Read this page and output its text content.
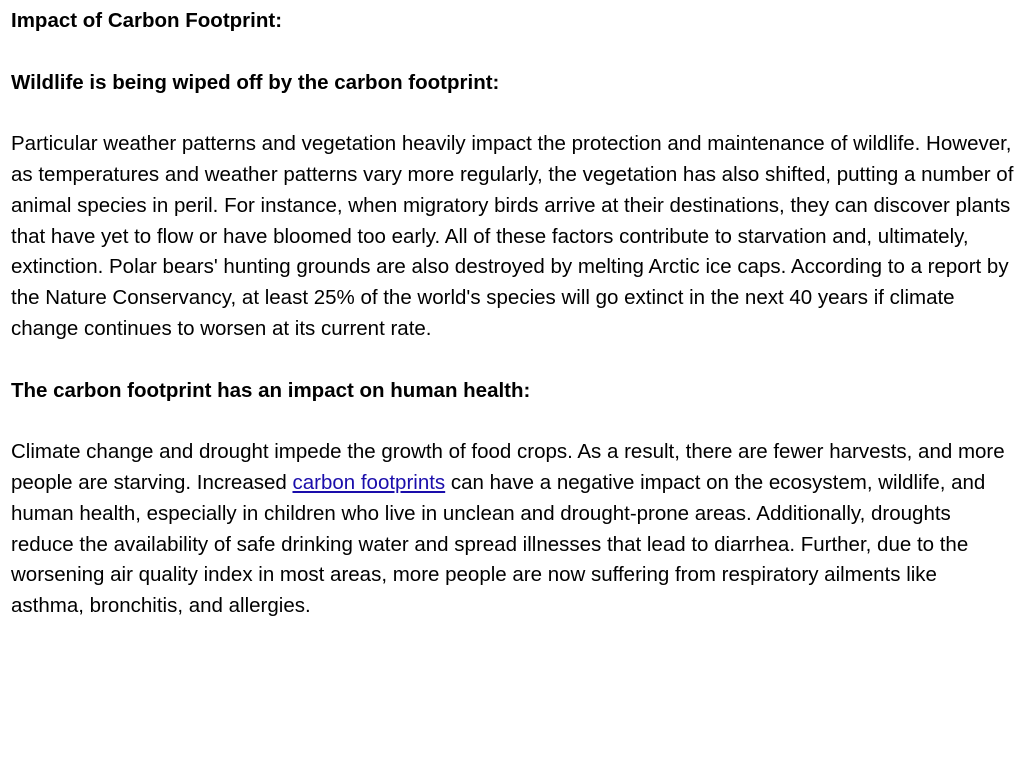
Impact of Carbon Footprint:
Wildlife is being wiped off by the carbon footprint:

Particular weather patterns and vegetation heavily impact the protection and maintenance of wildlife. However, as temperatures and weather patterns vary more regularly, the vegetation has also shifted, putting a number of animal species in peril. For instance, when migratory birds arrive at their destinations, they can discover plants that have yet to flow or have bloomed too early. All of these factors contribute to starvation and, ultimately, extinction. Polar bears' hunting grounds are also destroyed by melting Arctic ice caps. According to a report by the Nature Conservancy, at least 25% of the world's species will go extinct in the next 40 years if climate change continues to worsen at its current rate.

The carbon footprint has an impact on human health:

Climate change and drought impede the growth of food crops. As a result, there are fewer harvests, and more people are starving. Increased carbon footprints can have a negative impact on the ecosystem, wildlife, and human health, especially in children who live in unclean and drought-prone areas. Additionally, droughts reduce the availability of safe drinking water and spread illnesses that lead to diarrhea. Further, due to the worsening air quality index in most areas, more people are now suffering from respiratory ailments like asthma, bronchitis, and allergies.
